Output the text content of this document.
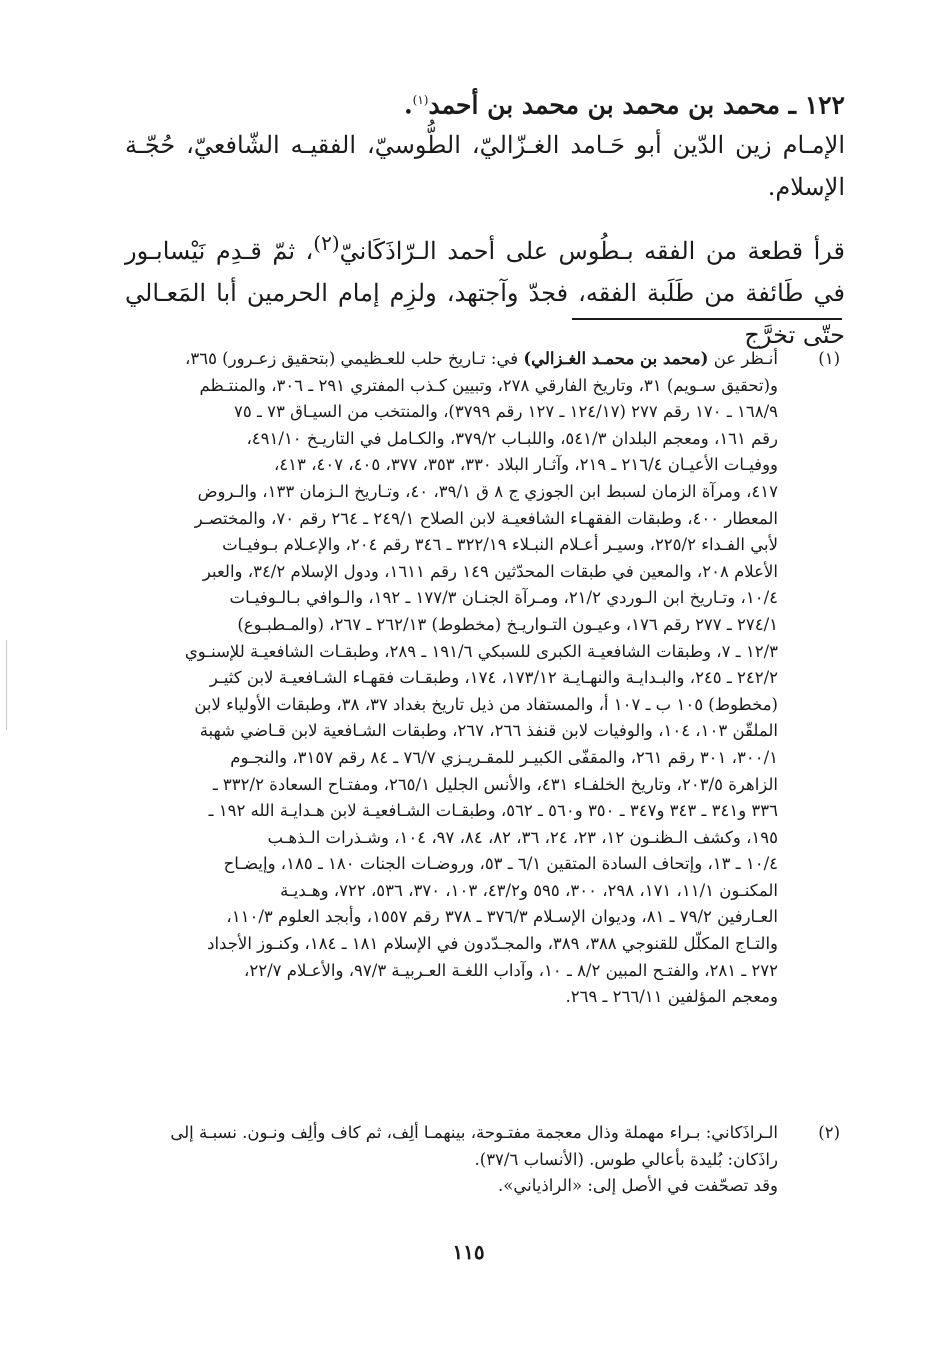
١٢٢ ـ محمد بن محمد بن محمد بن أحمد$^{(١)}$.
الإمـام زين الدّين أبو حَـامد الغـزّاليّ، الطُّوسيّ، الفقيـه الشّافعيّ، حُجّـة الإسلام.
قرأ قطعة من الفقه بـطُوس على أحمد الـرّاذَكَانيّ$^{(٢)}$، ثمّ قـدِم نَيْسابـور في طَائفة من طَلَبة الفقه، فجدّ وآجتهد، ولزِم إمام الحرمين أبا المَعـالي حتّى تخرَّج
(١)
أنـظر عن (محمد بن محمـد الغـزالي) في: تـاريخ حلب للعـظيمي (بتحقيق زعـرور) ٣٦٥،
و(تحقيق سـويم) ٣١، وتاريخ الفارقي ٢٧٨، وتبيين كـذب المفتري ٢٩١ ـ ٣٠٦، والمنتـظم
١٦٨/٩ ـ ١٧٠ رقم ٢٧٧ (١٢٤/١٧ ـ ١٢٧ رقم ٣٧٩٩)، والمنتخب من السيـاق ٧٣ ـ ٧٥
رقم ١٦١، ومعجم البلدان ٥٤١/٣، واللبـاب ٣٧٩/٢، والكـامل في التاريـخ ٤٩١/١٠،
ووفيـات الأعيـان ٢١٦/٤ ـ ٢١٩، وآثـار البلاد ٣٣٠، ٣٥٣، ٣٧٧، ٤٠٥، ٤٠٧، ٤١٣،
٤١٧، ومرآة الزمان لسبط ابن الجوزي ج ٨ ق ٣٩/١، ٤٠، وتـاريخ الـزمان ١٣٣، والـروض
المعطار ٤٠٠، وطبقات الفقهـاء الشافعيـة لابن الصلاح ٢٤٩/١ ـ ٢٦٤ رقم ٧٠، والمختصـر
لأبي الفـداء ٢٢٥/٢، وسيـر أعـلام النبـلاء ٣٢٢/١٩ ـ ٣٤٦ رقم ٢٠٤، والإعـلام بـوفيـات
الأعلام ٢٠٨، والمعين في طبقات المحدّثين ١٤٩ رقم ١٦١١، ودول الإسلام ٣٤/٢، والعبر
١٠/٤، وتـاريخ ابن الـوردي ٢١/٢، ومـرآة الجنـان ١٧٧/٣ ـ ١٩٢، والـوافي بـالـوفيـات
٢٧٤/١ ـ ٢٧٧ رقم ١٧٦، وعيـون التـواريـخ (مخطوط) ٢٦٢/١٣ ـ ٢٦٧، (والمـطبـوع)
١٢/٣ ـ ٧، وطبقات الشافعيـة الكبرى للسبكي ١٩١/٦ ـ ٢٨٩، وطبقـات الشافعيـة للإسنـوي
٢٤٢/٢ ـ ٢٤٥، والبـدايـة والنهـايـة ١٧٣/١٢، ١٧٤، وطبقـات فقهـاء الشـافعيـة لابن كثيـر
(مخطوط) ١٠٥ ب ـ ١٠٧ أ، والمستفاد من ذيل تاريخ بغداد ٣٧، ٣٨، وطبقات الأولياء لابن
الملقّن ١٠٣، ١٠٤، والوفيات لابن قنفذ ٢٦٦، ٢٦٧، وطبقات الشـافعية لابن قـاضي شهبة
٣٠٠/١، ٣٠١ رقم ٢٦١، والمقفّى الكبيـر للمقـريـزي ٧٦/٧ ـ ٨٤ رقم ٣١٥٧، والنجـوم
الزاهرة ٢٠٣/٥، وتاريخ الخلفـاء ٤٣١، والأنس الجليل ٢٦٥/١، ومفتـاح السعادة ٣٣٢/٢ ـ
٣٣٦ و٣٤١ ـ ٣٤٣ و٣٤٧ ـ ٣٥٠ و٥٦٠ ـ ٥٦٢، وطبقـات الشـافعيـة لابن هـدايـة الله ١٩٢ ـ
١٩٥، وكشف الـظنـون ١٢، ٢٣، ٢٤، ٣٦، ٨٢، ٨٤، ٩٧، ١٠٤، وشـذرات الـذهـب
١٠/٤ ـ ١٣، وإتحاف السادة المتقين ٦/١ ـ ٥٣، وروضـات الجنات ١٨٠ ـ ١٨٥، وإيضـاح
المكنـون ١١/١، ١٧١، ٢٩٨، ٣٠٠، ٥٩٥ و٤٣/٢، ١٠٣، ٣٧٠، ٥٣٦، ٧٢٢، وهـديـة
العـارفين ٧٩/٢ ـ ٨١، وديوان الإسـلام ٣٧٦/٣ ـ ٣٧٨ رقم ١٥٥٧، وأبجد العلوم ١١٠/٣،
والتـاج المكلّل للقنوجي ٣٨٨، ٣٨٩، والمجـدّدون في الإسلام ١٨١ ـ ١٨٤، وكنـوز الأجداد
٢٧٢ ـ ٢٨١، والفتـح المبين ٨/٢ ـ ١٠، وآداب اللغـة العـربيـة ٩٧/٣، والأعـلام ٢٢/٧،
ومعجم المؤلفين ٢٦٦/١١ ـ ٢٦٩.
(٢)
الـراذَكاني: بـراء مهملة وذال معجمة مفتـوحة، بينهمـا ألِف، ثم كاف وألِف ونـون. نسبـة إلى
راذَكان: بُليدة بأعالي طوس. (الأنساب ٣٧/٦).
وقد تصحّفت في الأصل إلى: «الراذياني».
١١٥
